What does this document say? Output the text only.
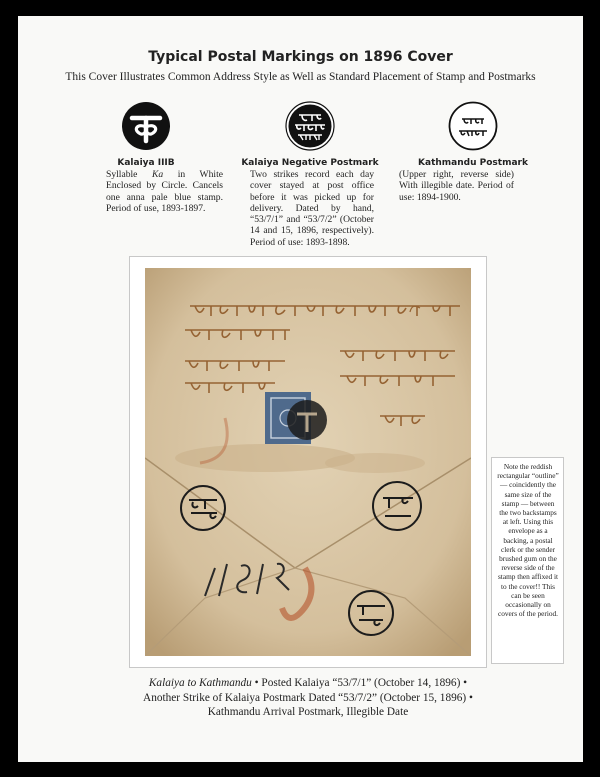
Typical Postal Markings on 1896 Cover
This Cover Illustrates Common Address Style as Well as Standard Placement of Stamp and Postmarks
Kalaiya IIIB
Syllable Ka in White Enclosed by Circle. Cancels one anna pale blue stamp. Period of use, 1893-1897.
Kalaiya Negative Postmark
Two strikes record each day cover stayed at post office before it was picked up for delivery. Dated by hand, “53/7/1” and “53/7/2” (October 14 and 15, 1896, respectively). Period of use: 1893-1898.
Kathmandu Postmark
(Upper right, reverse side) With illegible date. Period of use: 1894-1900.
Note the reddish rectangular “outline” — coincidently the same size of the stamp — between the two backstamps at left. Using this envelope as a backing, a postal clerk or the sender brushed gum on the reverse side of the stamp then affixed it to the cover!! This can be seen occasionally on covers of the period.
Kalaiya to Kathmandu • Posted Kalaiya “53/7/1” (October 14, 1896) • Another Strike of Kalaiya Postmark Dated “53/7/2” (October 15, 1896) • Kathmandu Arrival Postmark, Illegible Date
